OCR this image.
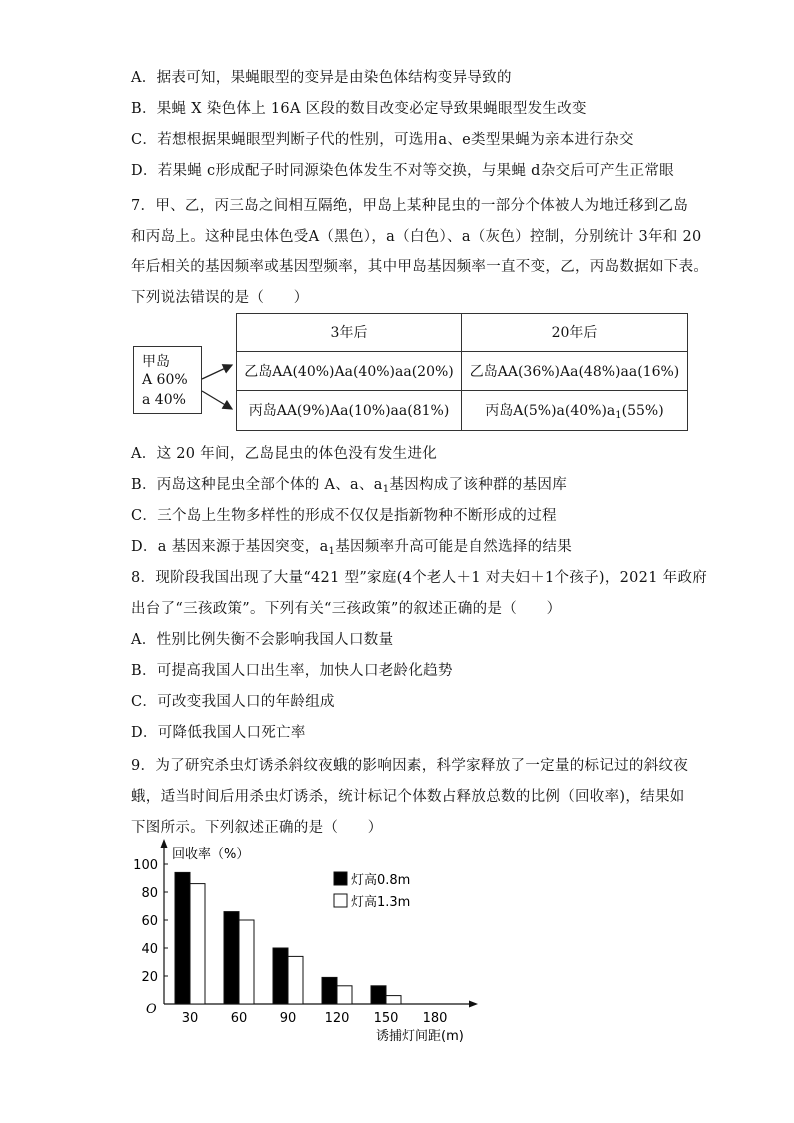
A．据表可知，果蝇眼型的变异是由染色体结构变异导致的
B．果蝇 X 染色体上 16A 区段的数目改变必定导致果蝇眼型发生改变
C．若想根据果蝇眼型判断子代的性别，可选用a、e类型果蝇为亲本进行杂交
D．若果蝇 c形成配子时同源染色体发生不对等交换，与果蝇 d杂交后可产生正常眼
7．甲、乙，丙三岛之间相互隔绝，甲岛上某种昆虫的一部分个体被人为地迁移到乙岛
和丙岛上。这种昆虫体色受A（黑色），a（白色）、a（灰色）控制，分别统计 3年和 20
年后相关的基因频率或基因型频率，其中甲岛基因频率一直不变，乙，丙岛数据如下表。
下列说法错误的是（　　）
甲岛
A 60%
a 40%
3年后	20年后
乙岛AA(40%)Aa(40%)aa(20%)	乙岛AA(36%)Aa(48%)aa(16%)
丙岛AA(9%)Aa(10%)aa(81%)	丙岛$A(5\%)a(40\%)a_1(55\%)$
A．这 20 年间，乙岛昆虫的体色没有发生进化
B．丙岛这种昆虫全部个体的 A、a、$a_1$基因构成了该种群的基因库
C．三个岛上生物多样性的形成不仅仅是指新物种不断形成的过程
D．a 基因来源于基因突变，$a_1$基因频率升高可能是自然选择的结果
8．现阶段我国出现了大量“421 型”家庭(4个老人＋1 对夫妇＋1个孩子)，2021 年政府
出台了“三孩政策”。下列有关“三孩政策”的叙述正确的是（　　）
A．性别比例失衡不会影响我国人口数量
B．可提高我国人口出生率，加快人口老龄化趋势
C．可改变我国人口的年龄组成
D．可降低我国人口死亡率
9．为了研究杀虫灯诱杀斜纹夜蛾的影响因素，科学家释放了一定量的标记过的斜纹夜
蛾，适当时间后用杀虫灯诱杀，统计标记个体数占释放总数的比例（回收率)，结果如
下图所示。下列叙述正确的是（　　）
回收率（%）
诱捕灯间距(m)
O
20
40
60
80
100
30 60 90 120 150 180
灯高0.8m
灯高1.3m
